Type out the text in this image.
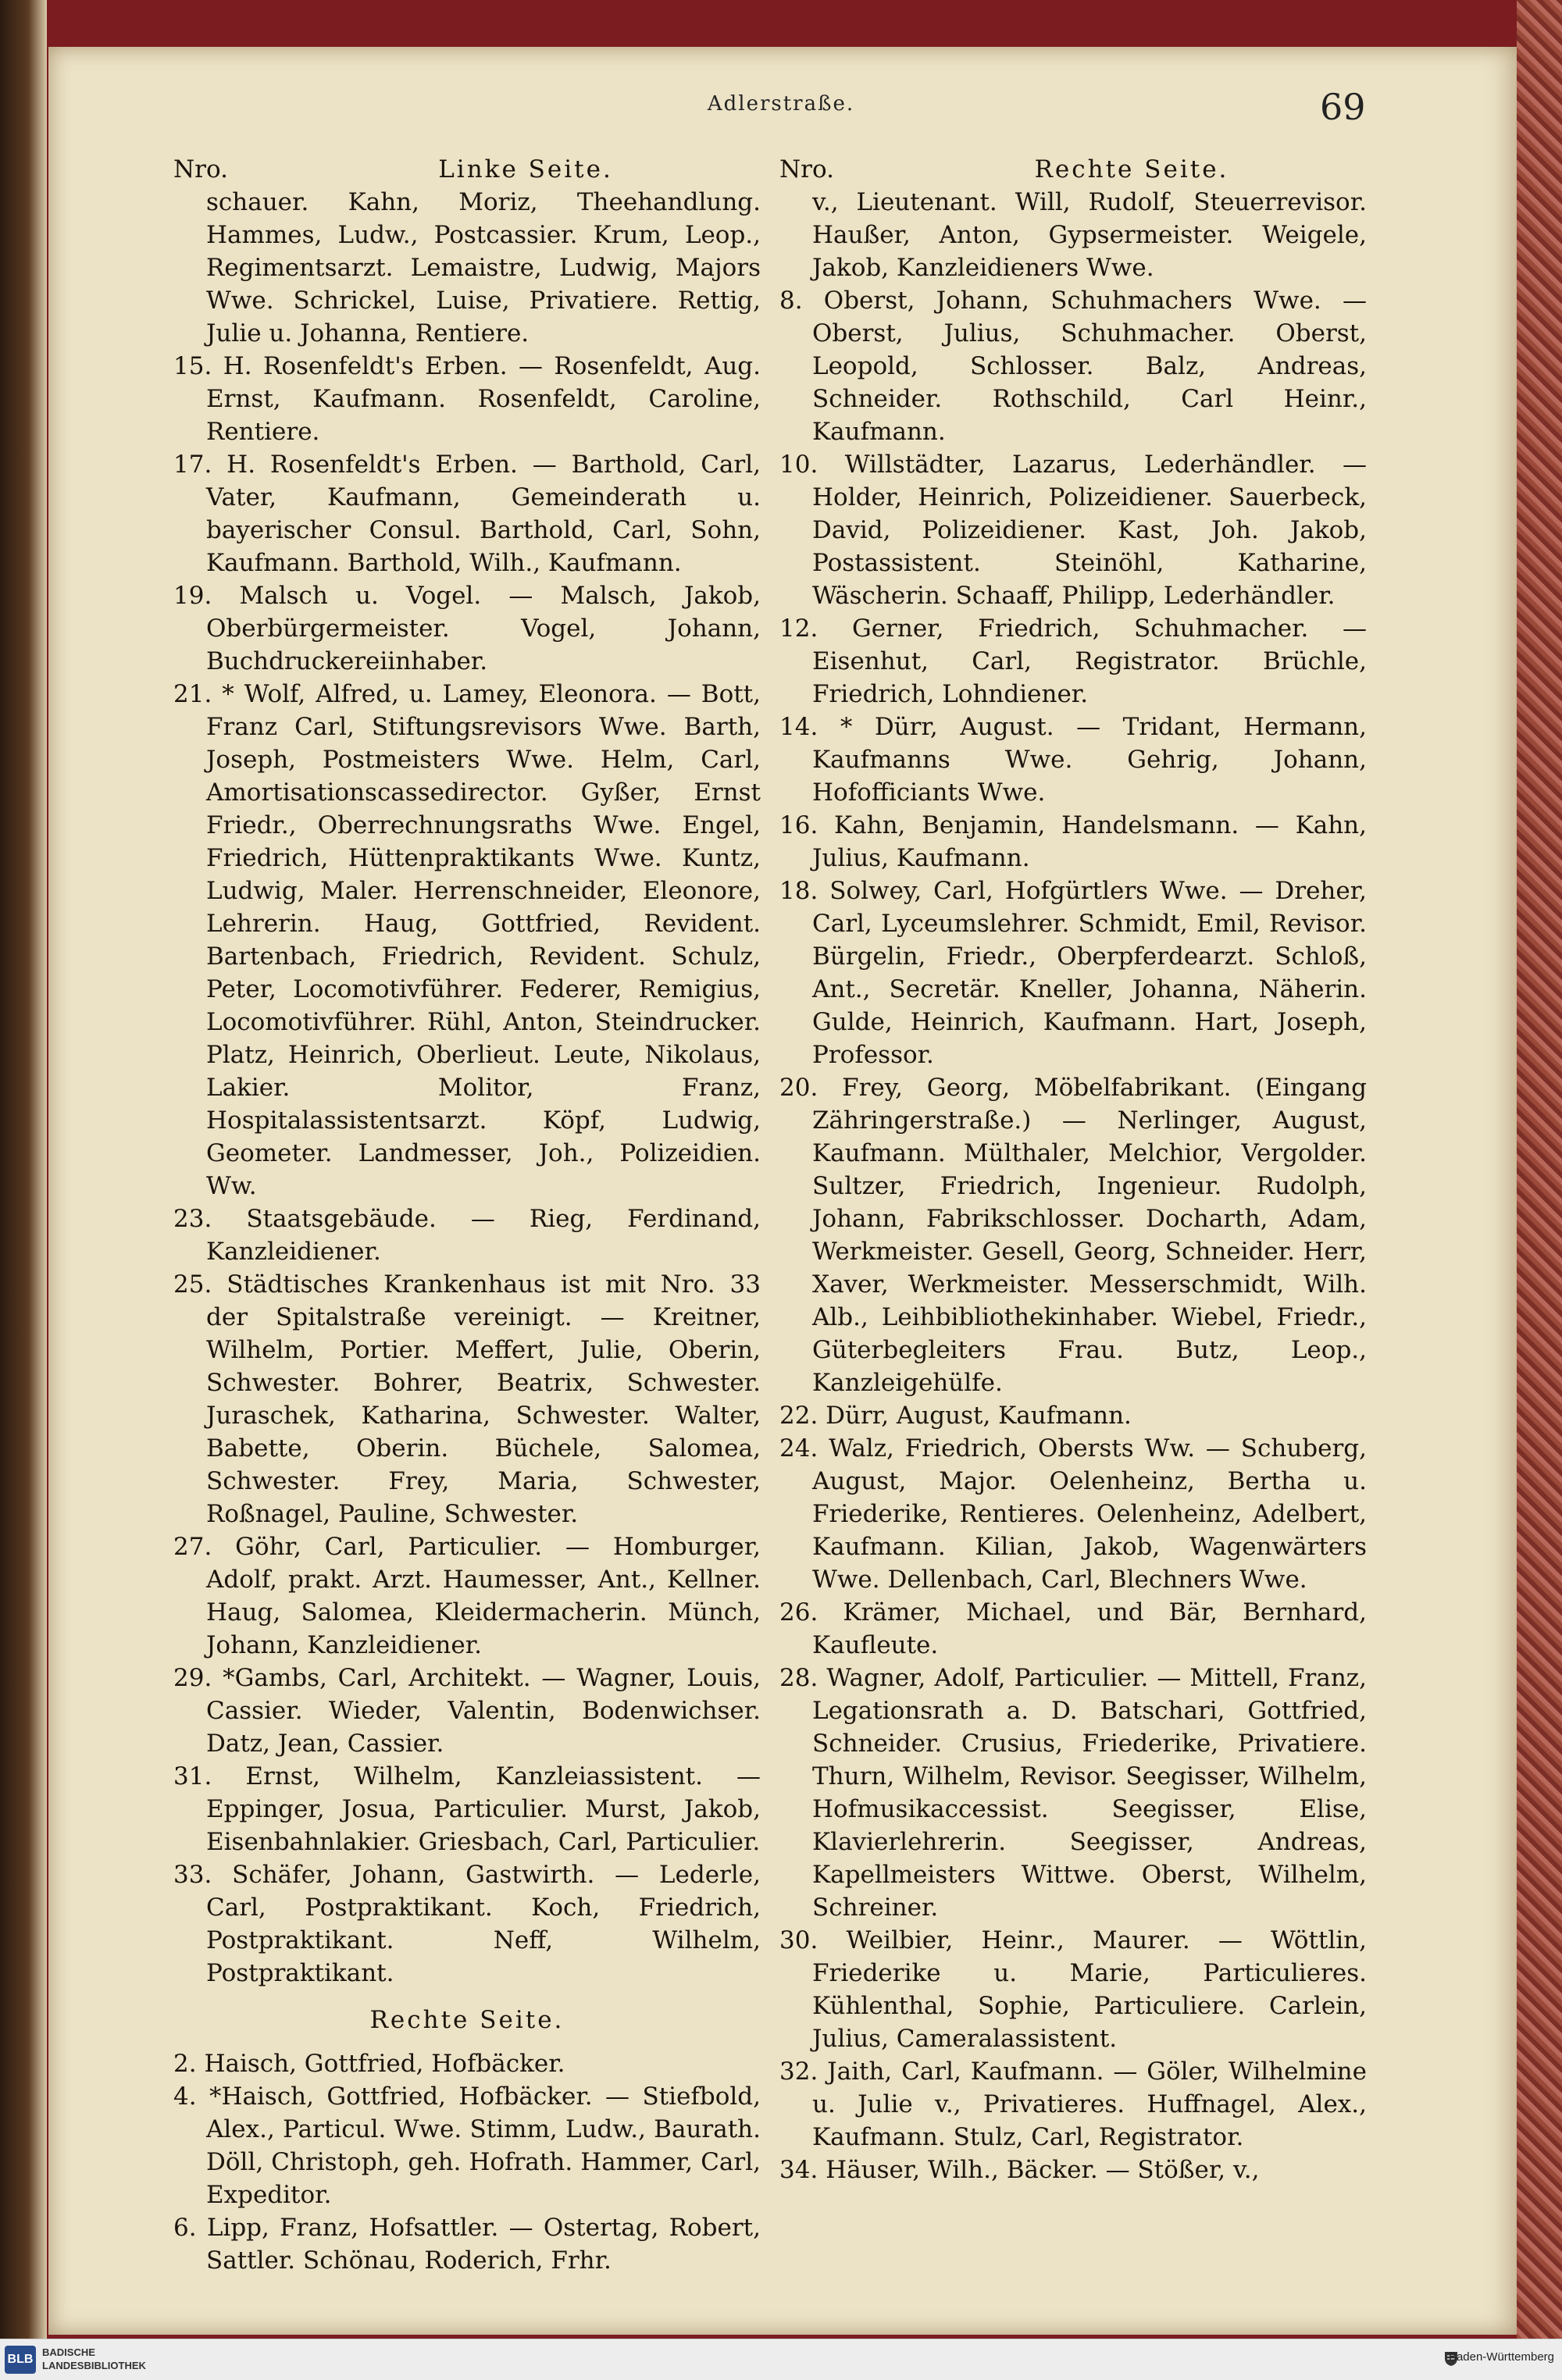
Adlerstraße.	69
Nro.	Linke Seite.

schauer. Kahn, Moriz, Theehandlung. Hammes, Ludw., Postcassier. Krum, Leop., Regimentsarzt. Lemaistre, Ludwig, Majors Wwe. Schrickel, Luise, Privatiere. Rettig, Julie u. Johanna, Rentiere.

15. H. Rosenfeldt's Erben. — Rosenfeldt, Aug. Ernst, Kaufmann. Rosenfeldt, Caroline, Rentiere.

17. H. Rosenfeldt's Erben. — Barthold, Carl, Vater, Kaufmann, Gemeinderath u. bayerischer Consul. Barthold, Carl, Sohn, Kaufmann. Barthold, Wilh., Kaufmann.

19. Malsch u. Vogel. — Malsch, Jakob, Oberbürgermeister. Vogel, Johann, Buchdruckereiinhaber.

21. * Wolf, Alfred, u. Lamey, Eleonora. — Bott, Franz Carl, Stiftungsrevisors Wwe. Barth, Joseph, Postmeisters Wwe. Helm, Carl, Amortisationscassedirector. Gyßer, Ernst Friedr., Oberrechnungsraths Wwe. Engel, Friedrich, Hüttenpraktikants Wwe. Kuntz, Ludwig, Maler. Herrenschneider, Eleonore, Lehrerin. Haug, Gottfried, Revident. Bartenbach, Friedrich, Revident. Schulz, Peter, Locomotivführer. Federer, Remigius, Locomotivführer. Rühl, Anton, Steindrucker. Platz, Heinrich, Oberlieut. Leute, Nikolaus, Lakier. Molitor, Franz, Hospitalassistentsarzt. Köpf, Ludwig, Geometer. Landmesser, Joh., Polizeidien. Ww.

23. Staatsgebäude. — Rieg, Ferdinand, Kanzleidiener.

25. Städtisches Krankenhaus ist mit Nro. 33 der Spitalstraße vereinigt. — Kreitner, Wilhelm, Portier. Meffert, Julie, Oberin, Schwester. Bohrer, Beatrix, Schwester. Juraschek, Katharina, Schwester. Walter, Babette, Oberin. Büchele, Salomea, Schwester. Frey, Maria, Schwester, Roßnagel, Pauline, Schwester.

27. Göhr, Carl, Particulier. — Homburger, Adolf, prakt. Arzt. Haumesser, Ant., Kellner. Haug, Salomea, Kleidermacherin. Münch, Johann, Kanzleidiener.

29. *Gambs, Carl, Architekt. — Wagner, Louis, Cassier. Wieder, Valentin, Bodenwichser. Datz, Jean, Cassier.

31. Ernst, Wilhelm, Kanzleiassistent. — Eppinger, Josua, Particulier. Murst, Jakob, Eisenbahnlakier. Griesbach, Carl, Particulier.

33. Schäfer, Johann, Gastwirth. — Lederle, Carl, Postpraktikant. Koch, Friedrich, Postpraktikant. Neff, Wilhelm, Postpraktikant.

Rechte Seite.

2. Haisch, Gottfried, Hofbäcker.

4. *Haisch, Gottfried, Hofbäcker. — Stiefbold, Alex., Particul. Wwe. Stimm, Ludw., Baurath. Döll, Christoph, geh. Hofrath. Hammer, Carl, Expeditor.

6. Lipp, Franz, Hofsattler. — Ostertag, Robert, Sattler. Schönau, Roderich, Frhr.

Nro.	Rechte Seite.

v., Lieutenant. Will, Rudolf, Steuerrevisor. Haußer, Anton, Gypsermeister. Weigele, Jakob, Kanzleidieners Wwe.

8. Oberst, Johann, Schuhmachers Wwe. — Oberst, Julius, Schuhmacher. Oberst, Leopold, Schlosser. Balz, Andreas, Schneider. Rothschild, Carl Heinr., Kaufmann.

10. Willstädter, Lazarus, Lederhändler. — Holder, Heinrich, Polizeidiener. Sauerbeck, David, Polizeidiener. Kast, Joh. Jakob, Postassistent. Steinöhl, Katharine, Wäscherin. Schaaff, Philipp, Lederhändler.

12. Gerner, Friedrich, Schuhmacher. — Eisenhut, Carl, Registrator. Brüchle, Friedrich, Lohndiener.

14. * Dürr, August. — Tridant, Hermann, Kaufmanns Wwe. Gehrig, Johann, Hofofficiants Wwe.

16. Kahn, Benjamin, Handelsmann. — Kahn, Julius, Kaufmann.

18. Solwey, Carl, Hofgürtlers Wwe. — Dreher, Carl, Lyceumslehrer. Schmidt, Emil, Revisor. Bürgelin, Friedr., Oberpferdearzt. Schloß, Ant., Secretär. Kneller, Johanna, Näherin. Gulde, Heinrich, Kaufmann. Hart, Joseph, Professor.

20. Frey, Georg, Möbelfabrikant. (Eingang Zähringerstraße.) — Nerlinger, August, Kaufmann. Mülthaler, Melchior, Vergolder. Sultzer, Friedrich, Ingenieur. Rudolph, Johann, Fabrikschlosser. Docharth, Adam, Werkmeister. Gesell, Georg, Schneider. Herr, Xaver, Werkmeister. Messerschmidt, Wilh. Alb., Leihbibliothekinhaber. Wiebel, Friedr., Güterbegleiters Frau. Butz, Leop., Kanzleigehülfe.

22. Dürr, August, Kaufmann.

24. Walz, Friedrich, Obersts Ww. — Schuberg, August, Major. Oelenheinz, Bertha u. Friederike, Rentieres. Oelenheinz, Adelbert, Kaufmann. Kilian, Jakob, Wagenwärters Wwe. Dellenbach, Carl, Blechners Wwe.

26. Krämer, Michael, und Bär, Bernhard, Kaufleute.

28. Wagner, Adolf, Particulier. — Mittell, Franz, Legationsrath a. D. Batschari, Gottfried, Schneider. Crusius, Friederike, Privatiere. Thurn, Wilhelm, Revisor. Seegisser, Wilhelm, Hofmusikaccessist. Seegisser, Elise, Klavierlehrerin. Seegisser, Andreas, Kapellmeisters Wittwe. Oberst, Wilhelm, Schreiner.

30. Weilbier, Heinr., Maurer. — Wöttlin, Friederike u. Marie, Particulieres. Kühlenthal, Sophie, Particuliere. Carlein, Julius, Cameralassistent.

32. Jaith, Carl, Kaufmann. — Göler, Wilhelmine u. Julie v., Privatieres. Huffnagel, Alex., Kaufmann. Stulz, Carl, Registrator.

34. Häuser, Wilh., Bäcker. — Stößer, v.,

BLB
BADISCHE
LANDESBIBLIOTHEK
Baden-Württemberg
